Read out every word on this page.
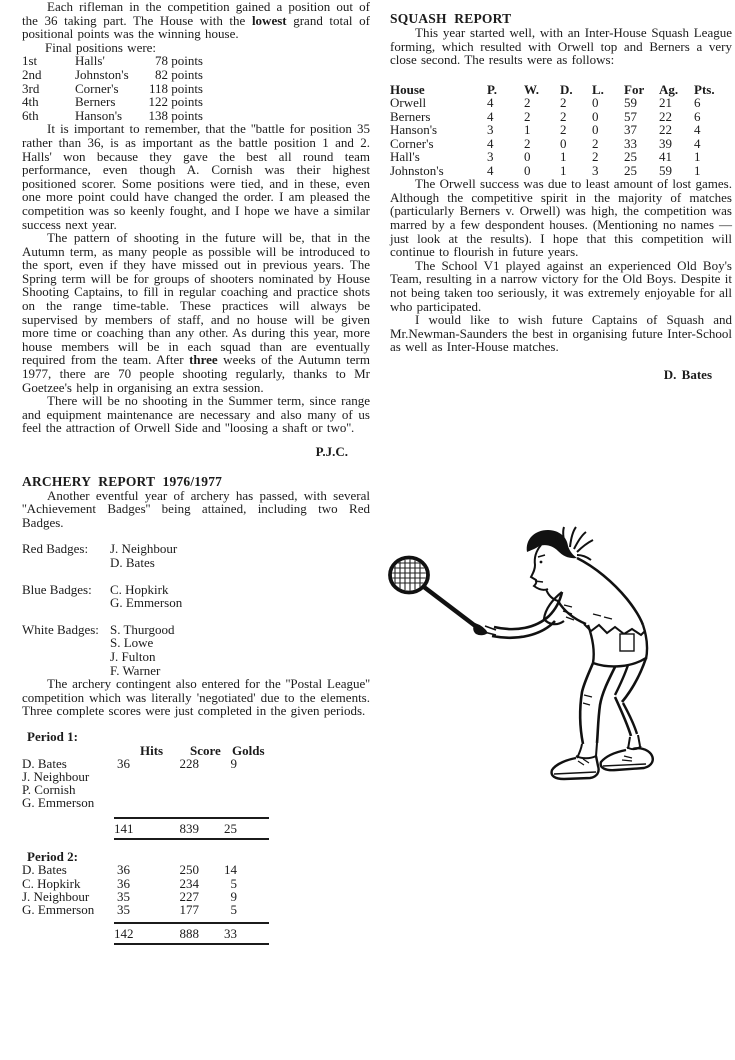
Each rifleman in the competition gained a position out of the 36 taking part. The House with the lowest grand total of positional points was the winning house.

Final positions were:

1st	Halls'	78 points
2nd	Johnston's	82 points
3rd	Corner's	118 points
4th	Berners	122 points
6th	Hanson's	138 points

It is important to remember, that the ''battle for position 35 rather than 36, is as important as the battle position 1 and 2. Halls' won because they gave the best all round team performance, even though A. Cornish was their highest positioned scorer. Some positions were tied, and in these, even one more point could have changed the order. I am pleased the competition was so keenly fought, and I hope we have a similar success next year.

The pattern of shooting in the future will be, that in the Autumn term, as many people as possible will be introduced to the sport, even if they have missed out in previous years. The Spring term will be for groups of shooters nominated by House Shooting Captains, to fill in regular coaching and practice shots on the range time-table. These practices will always be supervised by members of staff, and no house will be given more time or coaching than any other. As during this year, more house members will be in each squad than are eventually required from the team. After three weeks of the Autumn term 1977, there are 70 people shooting regularly, thanks to Mr Goetzee's help in organising an extra session.

There will be no shooting in the Summer term, since range and equipment maintenance are necessary and also many of us feel the attraction of Orwell Side and ''loosing a shaft or two''.

P.J.C.

ARCHERY REPORT 1976/1977

Another eventful year of archery has passed, with several ''Achievement Badges'' being attained, including two Red Badges.

Red Badges:	J. Neighbour
D. Bates
Blue Badges:	C. Hopkirk
G. Emmerson
White Badges: S. Thurgood
S. Lowe
J. Fulton
F. Warner

The archery contingent also entered for the ''Postal League'' competition which was literally 'negotiated' due to the elements. Three complete scores were just completed in the given periods.

Period 1:
Hits	Score Golds
D. Bates	36	228	9
J. Neighbour
P. Cornish
G. Emmerson
141	839	25
Period 2:
D. Bates	36	250	14
C. Hopkirk	36	234	5
J. Neighbour	35	227	9
G. Emmerson	35	177	5
142	888	33
SQUASH REPORT

This year started well, with an Inter-House Squash League forming, which resulted with Orwell top and Berners a very close second. The results were as follows:

House	P.	W.	D.	L.	For	Ag.	Pts.
Orwell	4	2	2	0	59	21	6
Berners	4	2	2	0	57	22	6
Hanson's	3	1	2	0	37	22	4
Corner's	4	2	0	2	33	39	4
Hall's	3	0	1	2	25	41	1
Johnston's	4	0	1	3	25	59	1

The Orwell success was due to least amount of lost games. Although the competitive spirit in the majority of matches (particularly Berners v. Orwell) was high, the competition was marred by a few despondent houses. (Mentioning no names — just look at the results). I hope that this competition will continue to flourish in future years.

The School V1 played against an experienced Old Boy's Team, resulting in a narrow victory for the Old Boys. Despite it not being taken too seriously, it was extremely enjoyable for all who participated.

I would like to wish future Captains of Squash and Mr.Newman-Saunders the best in organising future Inter-School as well as Inter-House matches.

D. Bates
